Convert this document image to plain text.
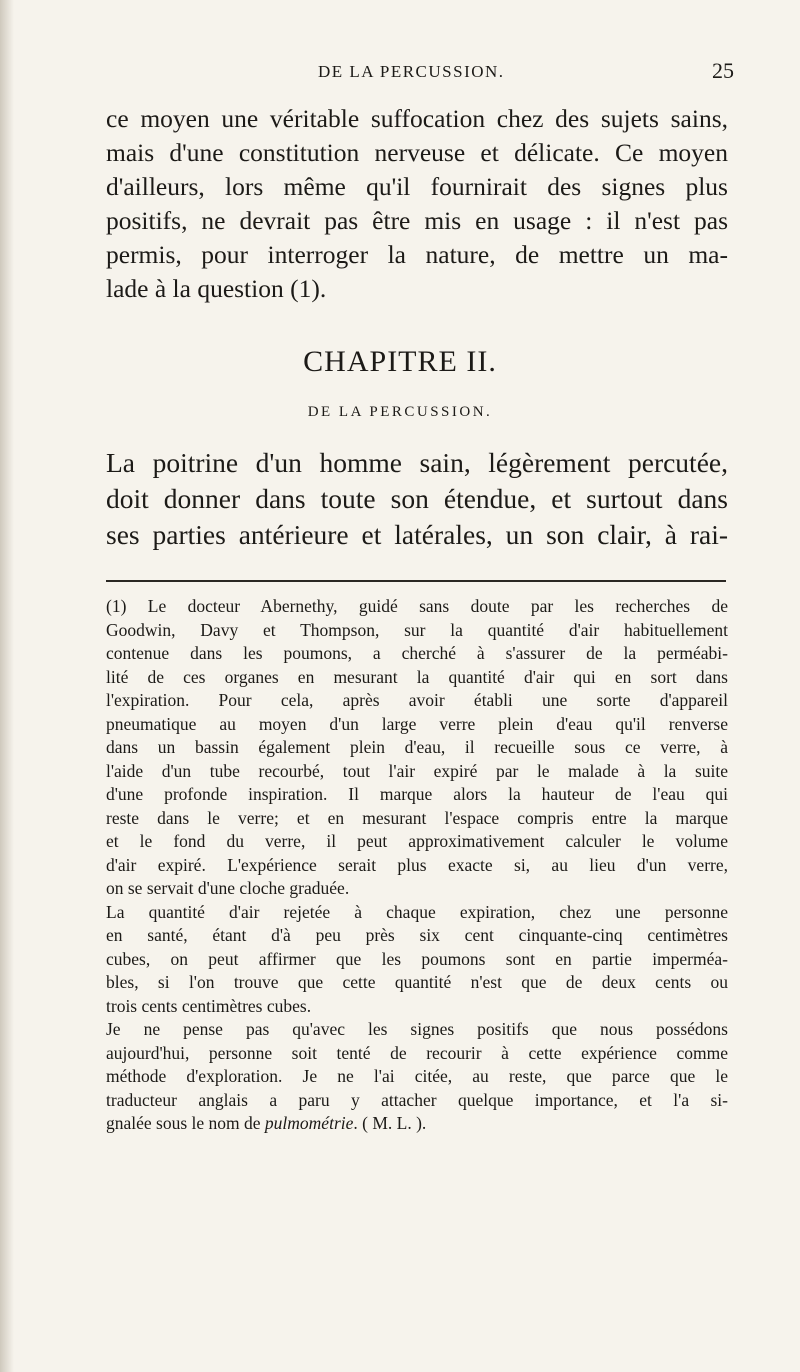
DE LA PERCUSSION.	25
ce moyen une véritable suffocation chez des sujets sains,
mais d'une constitution nerveuse et délicate. Ce moyen
d'ailleurs, lors même qu'il fournirait des signes plus
positifs, ne devrait pas être mis en usage : il n'est pas
permis, pour interroger la nature, de mettre un ma-
lade à la question (1).
CHAPITRE II.
DE LA PERCUSSION.
La poitrine d'un homme sain, légèrement percutée,
doit donner dans toute son étendue, et surtout dans
ses parties antérieure et latérales, un son clair, à rai-
(1) Le docteur Abernethy, guidé sans doute par les recherches de
Goodwin, Davy et Thompson, sur la quantité d'air habituellement
contenue dans les poumons, a cherché à s'assurer de la perméabi-
lité de ces organes en mesurant la quantité d'air qui en sort dans
l'expiration. Pour cela, après avoir établi une sorte d'appareil
pneumatique au moyen d'un large verre plein d'eau qu'il renverse
dans un bassin également plein d'eau, il recueille sous ce verre, à
l'aide d'un tube recourbé, tout l'air expiré par le malade à la suite
d'une profonde inspiration. Il marque alors la hauteur de l'eau qui
reste dans le verre; et en mesurant l'espace compris entre la marque
et le fond du verre, il peut approximativement calculer le volume
d'air expiré. L'expérience serait plus exacte si, au lieu d'un verre,
on se servait d'une cloche graduée.
La quantité d'air rejetée à chaque expiration, chez une personne
en santé, étant d'à peu près six cent cinquante-cinq centimètres
cubes, on peut affirmer que les poumons sont en partie imperméa-
bles, si l'on trouve que cette quantité n'est que de deux cents ou
trois cents centimètres cubes.
Je ne pense pas qu'avec les signes positifs que nous possédons
aujourd'hui, personne soit tenté de recourir à cette expérience comme
méthode d'exploration. Je ne l'ai citée, au reste, que parce que le
traducteur anglais a paru y attacher quelque importance, et l'a si-
gnalée sous le nom de pulmométrie. ( M. L. ).
